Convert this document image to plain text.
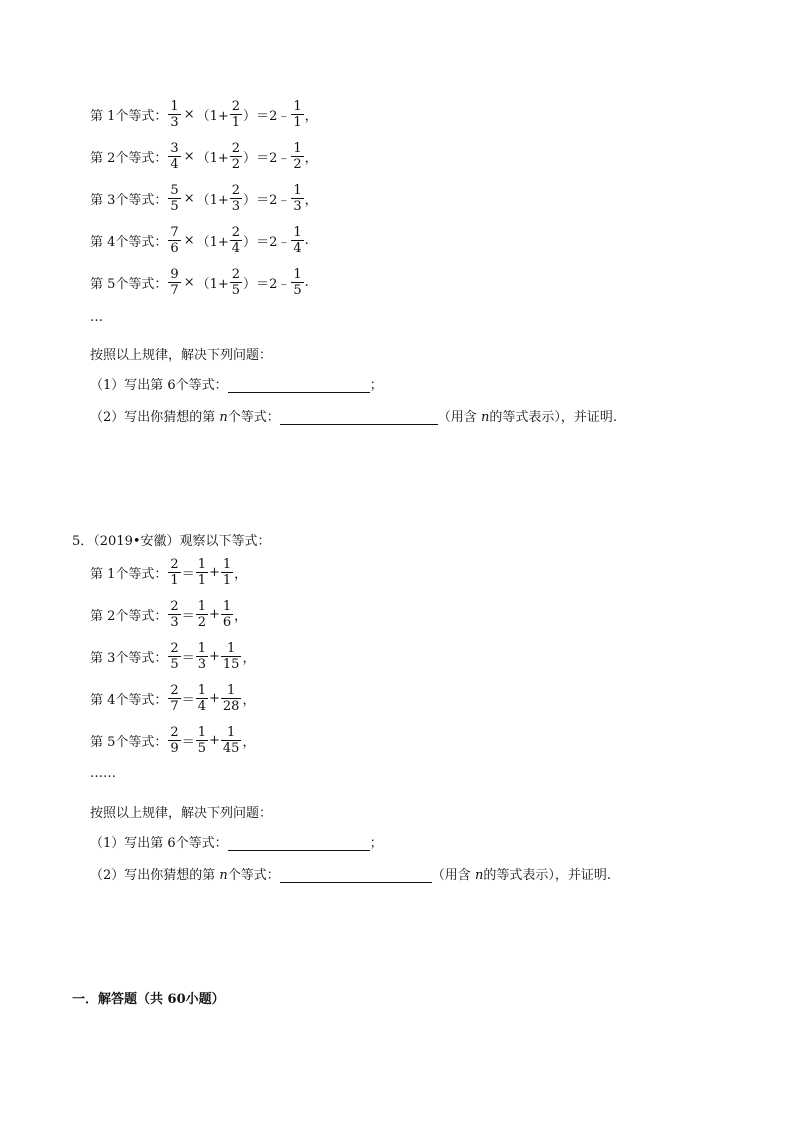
第 1个等式： $\frac{1}{3} \times (1+ \frac{2}{1}$ ） ＝2﹣ $\frac{1}{1}$ ，
第 2个等式： $\frac{3}{4} \times (1+ \frac{2}{2}$ ） ＝2﹣ $\frac{1}{2}$ ，
第 3个等式： $\frac{5}{5} \times (1+ \frac{2}{3}$ ） ＝2﹣ $\frac{1}{3}$ ，
第 4个等式： $\frac{7}{6} \times (1+ \frac{2}{4}$ ） ＝2﹣ $\frac{1}{4}$ .
第 5个等式： $\frac{9}{7} \times (1+ \frac{2}{5}$ ） ＝2﹣ $\frac{1}{5}$ .
…
按照以上规律，解决下列问题：
（1）写出第 6个等式：	；
（2）写出你猜想的第 n个等式：	（用含 n的等式表示），并证明.
5．（2019•安徽）观察以下等式：
第 1个等式： $\frac{2}{1} = \frac{1}{1} + \frac{1}{1}$ ，
第 2个等式： $\frac{2}{3} = \frac{1}{2} + \frac{1}{6}$ ，
第 3个等式： $\frac{2}{5} = \frac{1}{3} + \frac{1}{15}$ ，
第 4个等式： $\frac{2}{7} = \frac{1}{4} + \frac{1}{28}$ ，
第 5个等式： $\frac{2}{9} = \frac{1}{5} + \frac{1}{45}$ ，
……
按照以上规律，解决下列问题：
（1）写出第 6个等式：	；
（2）写出你猜想的第 n个等式：	（用含 n的等式表示），并证明.
一．解答题（共 60小题）
